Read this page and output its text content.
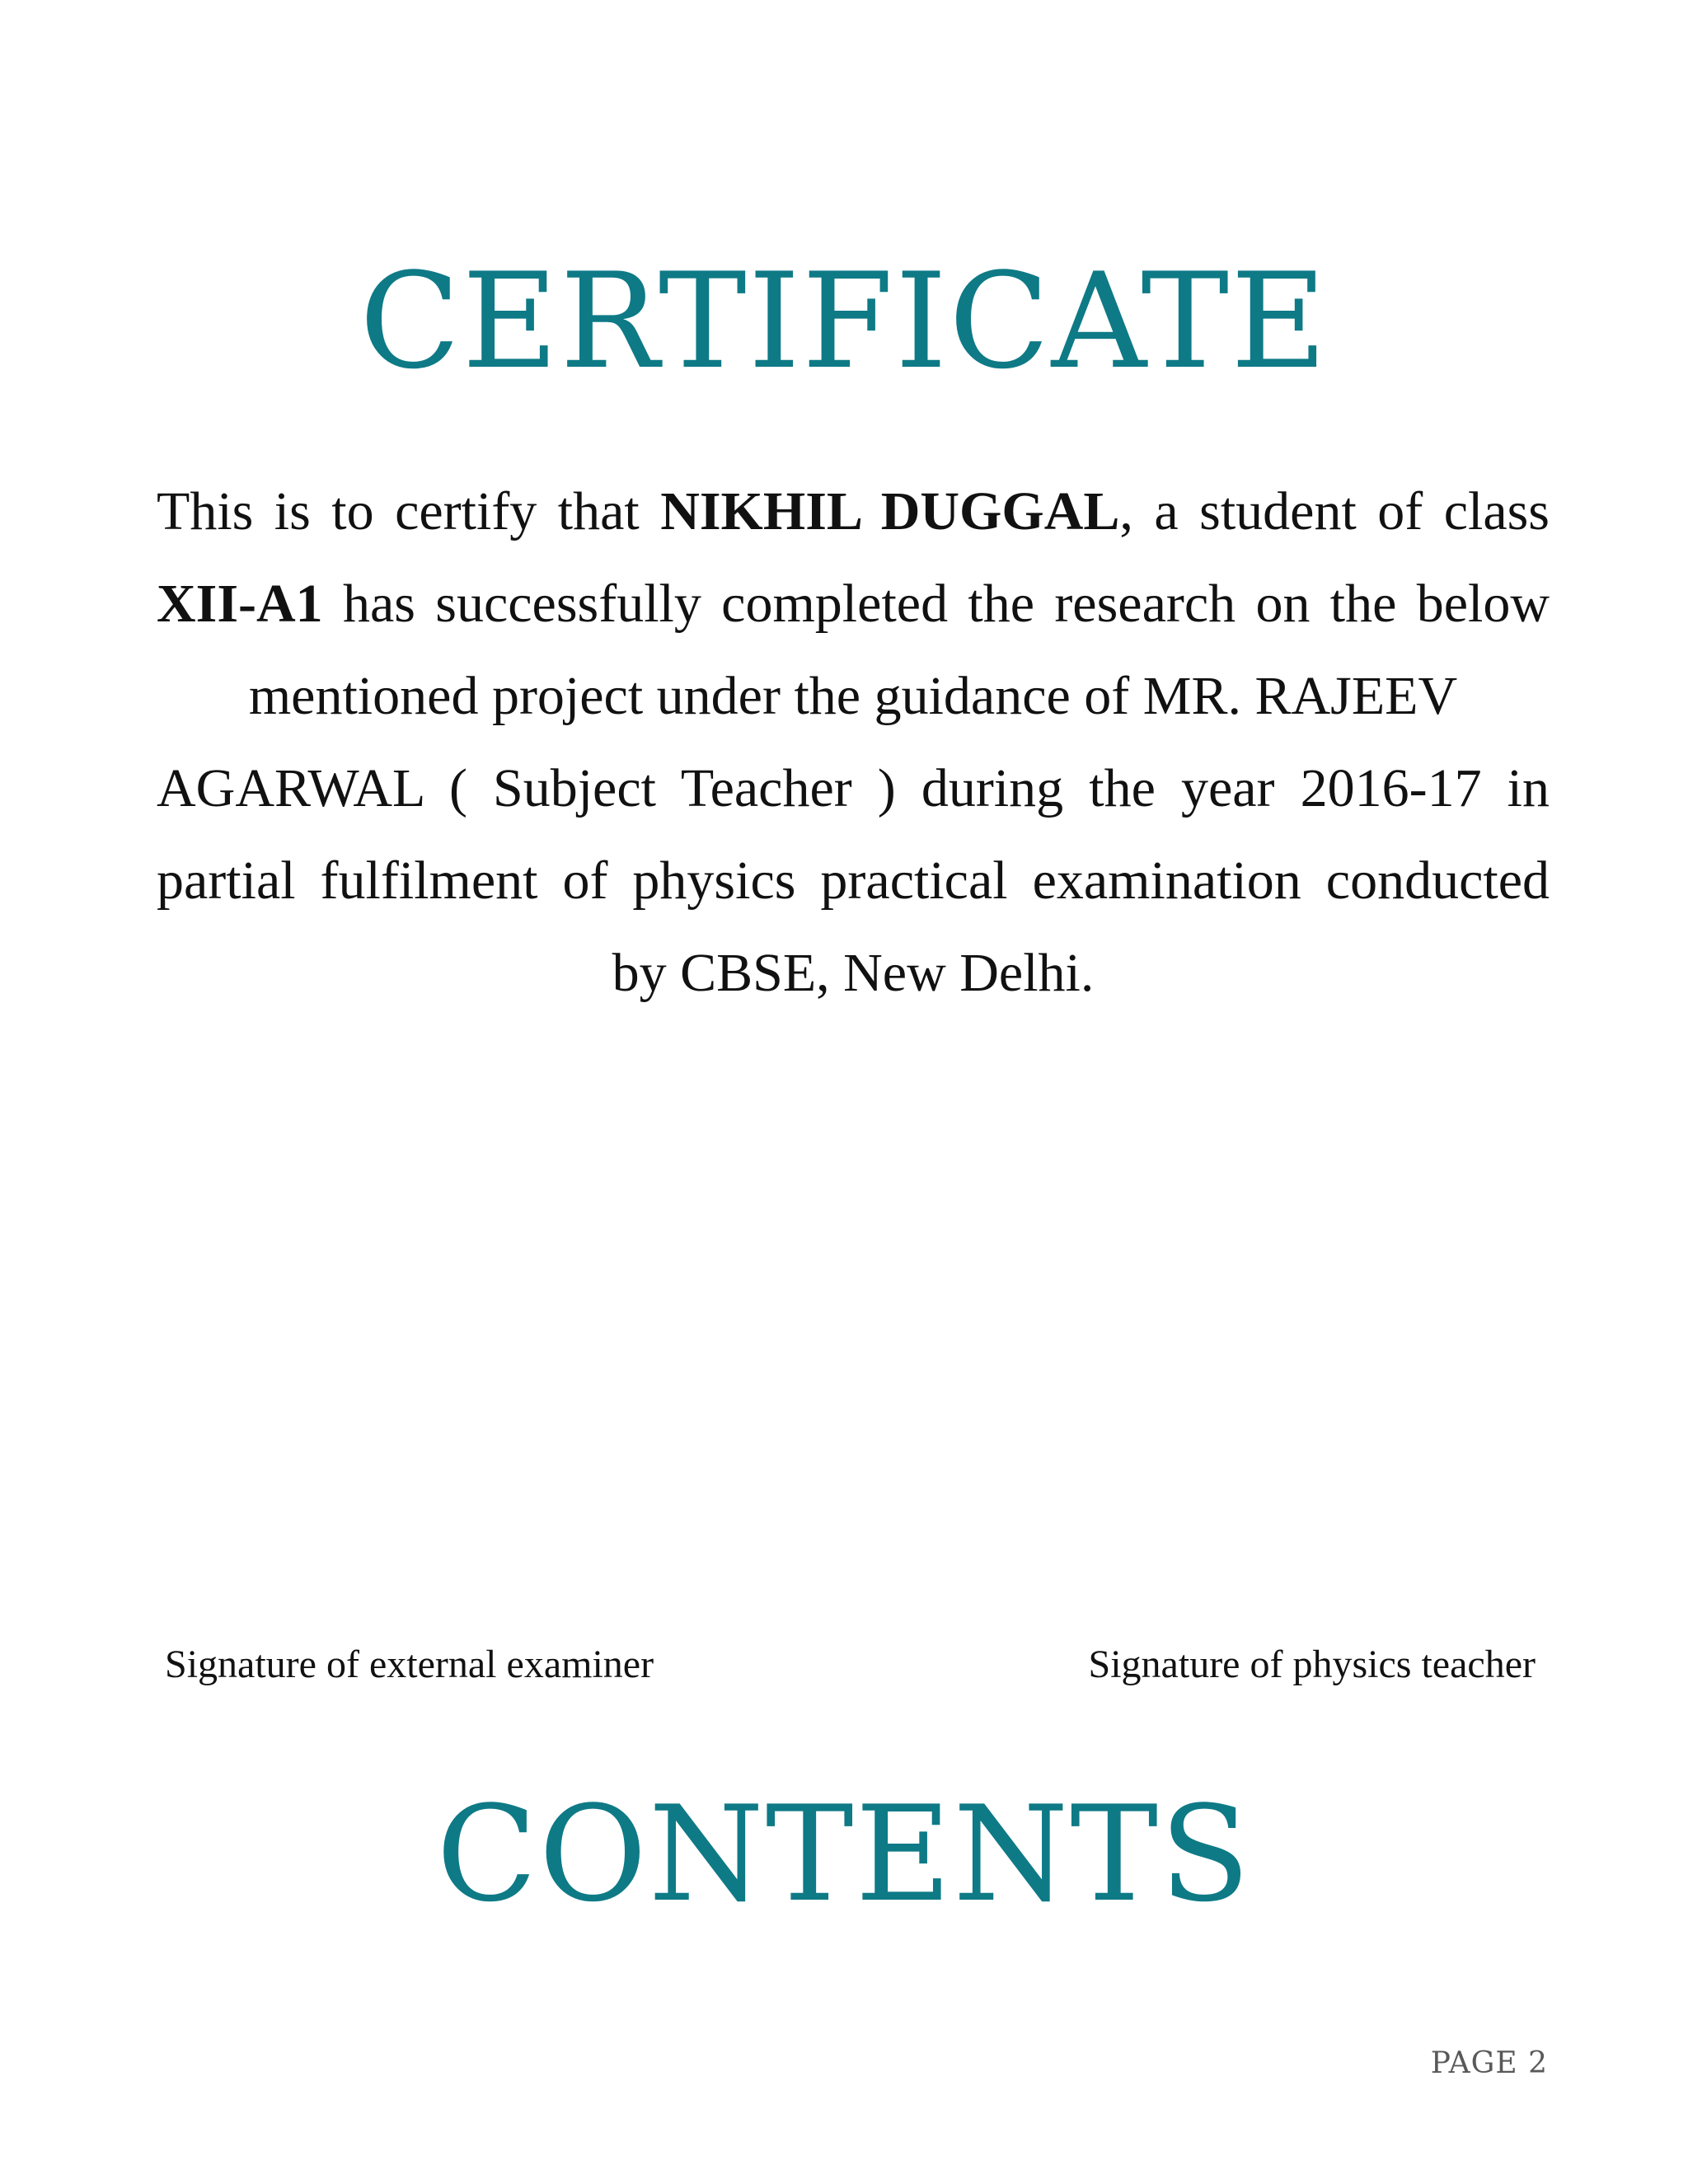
CERTIFICATE
This is to certify that NIKHIL DUGGAL, a student of class
XII-A1 has successfully completed the research on the below
mentioned project under the guidance of MR. RAJEEV
AGARWAL ( Subject Teacher ) during the year 2016-17 in
partial fulfilment of physics practical examination conducted
by CBSE, New Delhi.
Signature of external examiner	Signature of physics teacher
CONTENTS
PAGE 2
